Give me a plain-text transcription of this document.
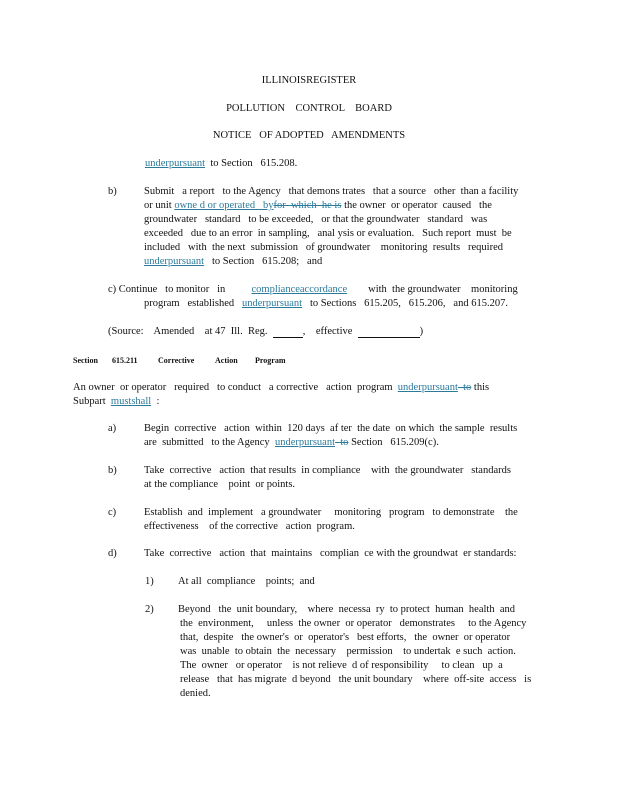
ILLINOISREGISTER
POLLUTION    CONTROL    BOARD
NOTICE   OF ADOPTED   AMENDMENTS
underpursuant  to Section   615.208.
b)	Submit   a report   to the Agency   that demons trates   that a source   other  than a facility
or unit owne d or operated   byfor  which  he is the owner  or operator  caused   the
groundwater   standard   to be exceeded,   or that the groundwater   standard   was
exceeded   due to an error  in sampling,   anal ysis or evaluation.   Such report  must  be
included   with  the next  submission   of groundwater    monitoring  results   required
underpursuant   to Section   615.208;   and
c) Continue   to monitor   in          complianceaccordance        with  the groundwater    monitoring
program   established   underpursuant   to Sections   615.205,   615.206,   and 615.207.
(Source:    Amended    at 47  Ill.  Reg.	,    effective	)
Section 615.211	Corrective	Action Program
An owner  or operator   required   to conduct   a corrective   action  program  underpursuant  to this
Subpart  mustshall  :
a)	Begin  corrective   action  within  120 days  af ter  the date  on which  the sample  results
are  submitted   to the Agency  underpursuant  to Section   615.209(c).
b)	Take  corrective   action  that results  in compliance    with  the groundwater   standards
at the compliance    point  or points.
c)	Establish  and  implement   a groundwater     monitoring   program   to demonstrate    the
effectiveness    of the corrective   action  program.
d)	Take  corrective   action  that  maintains   complian  ce with the groundwat  er standards:
1) At all  compliance    points;  and
2) Beyond   the  unit boundary,    where  necessa  ry  to protect  human  health  and
the  environment,     unless  the owner  or operator   demonstrates     to the Agency
that,  despite   the owner's  or  operator's   best efforts,   the  owner  or operator
was  unable  to obtain  the  necessary    permission    to undertak  e such  action.
The  owner   or operator    is not relieve  d of responsibility     to clean   up  a
release   that  has migrate  d beyond   the unit boundary    where  off-site  access   is
denied.
